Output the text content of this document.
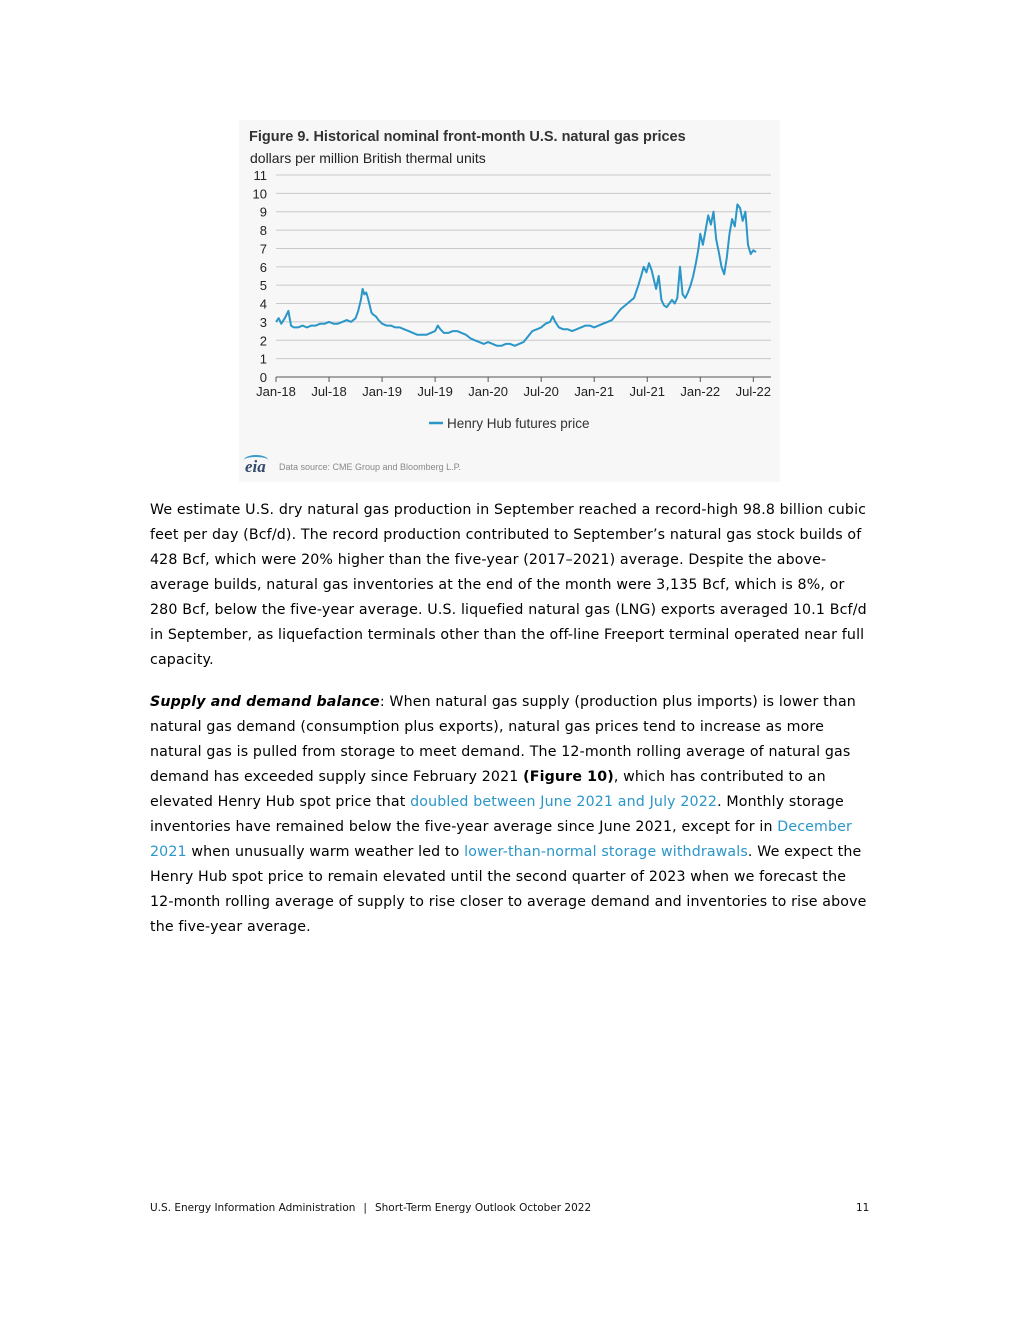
Figure 9. Historical nominal front-month U.S. natural gas prices
dollars per million British thermal units
0
1
2
3
4
5
6
7
8
9
10
11
Jan-18 Jul-18 Jan-19 Jul-19 Jan-20 Jul-20 Jan-21 Jul-21 Jan-22 Jul-22
Henry Hub futures price
eia Data source: CME Group and Bloomberg L.P.
We estimate U.S. dry natural gas production in September reached a record-high 98.8 billion cubic feet per day (Bcf/d). The record production contributed to September’s natural gas stock builds of 428 Bcf, which were 20% higher than the five-year (2017–2021) average. Despite the above-average builds, natural gas inventories at the end of the month were 3,135 Bcf, which is 8%, or 280 Bcf, below the five-year average. U.S. liquefied natural gas (LNG) exports averaged 10.1 Bcf/d in September, as liquefaction terminals other than the off-line Freeport terminal operated near full capacity.
Supply and demand balance: When natural gas supply (production plus imports) is lower than natural gas demand (consumption plus exports), natural gas prices tend to increase as more natural gas is pulled from storage to meet demand. The 12-month rolling average of natural gas demand has exceeded supply since February 2021 (Figure 10), which has contributed to an elevated Henry Hub spot price that doubled between June 2021 and July 2022. Monthly storage inventories have remained below the five-year average since June 2021, except for in December 2021 when unusually warm weather led to lower-than-normal storage withdrawals. We expect the Henry Hub spot price to remain elevated until the second quarter of 2023 when we forecast the 12-month rolling average of supply to rise closer to average demand and inventories to rise above the five-year average.
U.S. Energy Information Administration | Short-Term Energy Outlook October 2022	11
